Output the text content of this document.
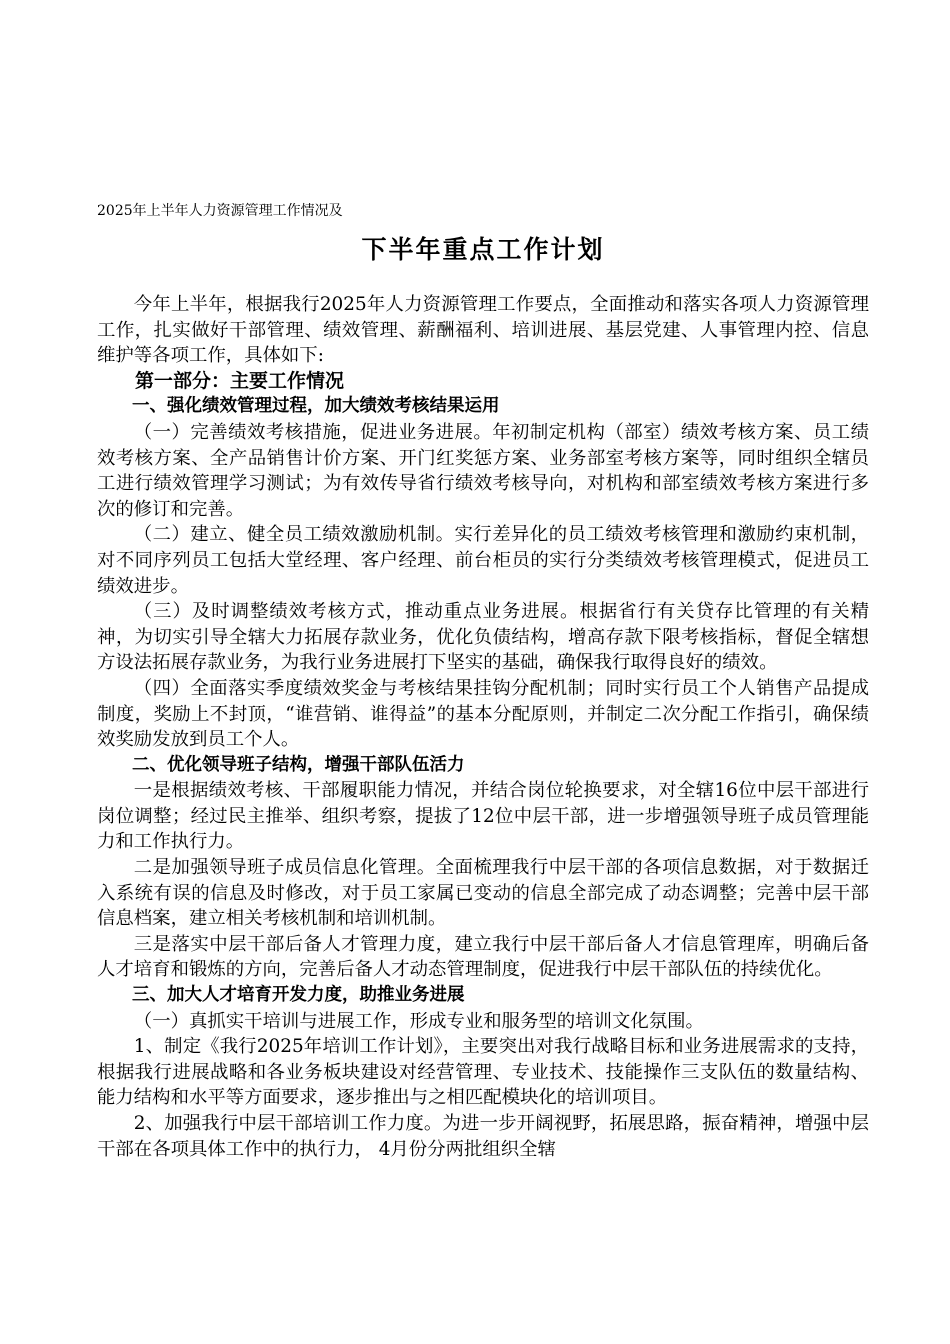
2025年上半年人力资源管理工作情况及
下半年重点工作计划

今年上半年，根据我行2025年人力资源管理工作要点，全面推动和落实各项人力资源管理工作，扎实做好干部管理、绩效管理、薪酬福利、培训进展、基层党建、人事管理内控、信息维护等各项工作，具体如下:

第一部分：主要工作情况

一、强化绩效管理过程，加大绩效考核结果运用

（一）完善绩效考核措施，促进业务进展。年初制定机构（部室）绩效考核方案、员工绩效考核方案、全产品销售计价方案、开门红奖惩方案、业务部室考核方案等，同时组织全辖员工进行绩效管理学习测试；为有效传导省行绩效考核导向，对机构和部室绩效考核方案进行多次的修订和完善。

（二）建立、健全员工绩效激励机制。实行差异化的员工绩效考核管理和激励约束机制，对不同序列员工包括大堂经理、客户经理、前台柜员的实行分类绩效考核管理模式，促进员工绩效进步。

（三）及时调整绩效考核方式，推动重点业务进展。根据省行有关贷存比管理的有关精神，为切实引导全辖大力拓展存款业务，优化负债结构，增高存款下限考核指标，督促全辖想方设法拓展存款业务，为我行业务进展打下坚实的基础，确保我行取得良好的绩效。

（四）全面落实季度绩效奖金与考核结果挂钩分配机制；同时实行员工个人销售产品提成制度，奖励上不封顶，“谁营销、谁得益”的基本分配原则，并制定二次分配工作指引，确保绩效奖励发放到员工个人。

二、优化领导班子结构，增强干部队伍活力

一是根据绩效考核、干部履职能力情况，并结合岗位轮换要求，对全辖16位中层干部进行岗位调整；经过民主推举、组织考察，提拔了12位中层干部，进一步增强领导班子成员管理能力和工作执行力。

二是加强领导班子成员信息化管理。全面梳理我行中层干部的各项信息数据，对于数据迁入系统有误的信息及时修改，对于员工家属已变动的信息全部完成了动态调整；完善中层干部信息档案，建立相关考核机制和培训机制。

三是落实中层干部后备人才管理力度，建立我行中层干部后备人才信息管理库，明确后备人才培育和锻炼的方向，完善后备人才动态管理制度，促进我行中层干部队伍的持续优化。

三、加大人才培育开发力度，助推业务进展

（一）真抓实干培训与进展工作，形成专业和服务型的培训文化氛围。

1、制定《我行2025年培训工作计划》，主要突出对我行战略目标和业务进展需求的支持，根据我行进展战略和各业务板块建设对经营管理、专业技术、技能操作三支队伍的数量结构、能力结构和水平等方面要求，逐步推出与之相匹配模块化的培训项目。

2、加强我行中层干部培训工作力度。为进一步开阔视野，拓展思路，振奋精神，增强中层干部在各项具体工作中的执行力， 4月份分两批组织全辖
